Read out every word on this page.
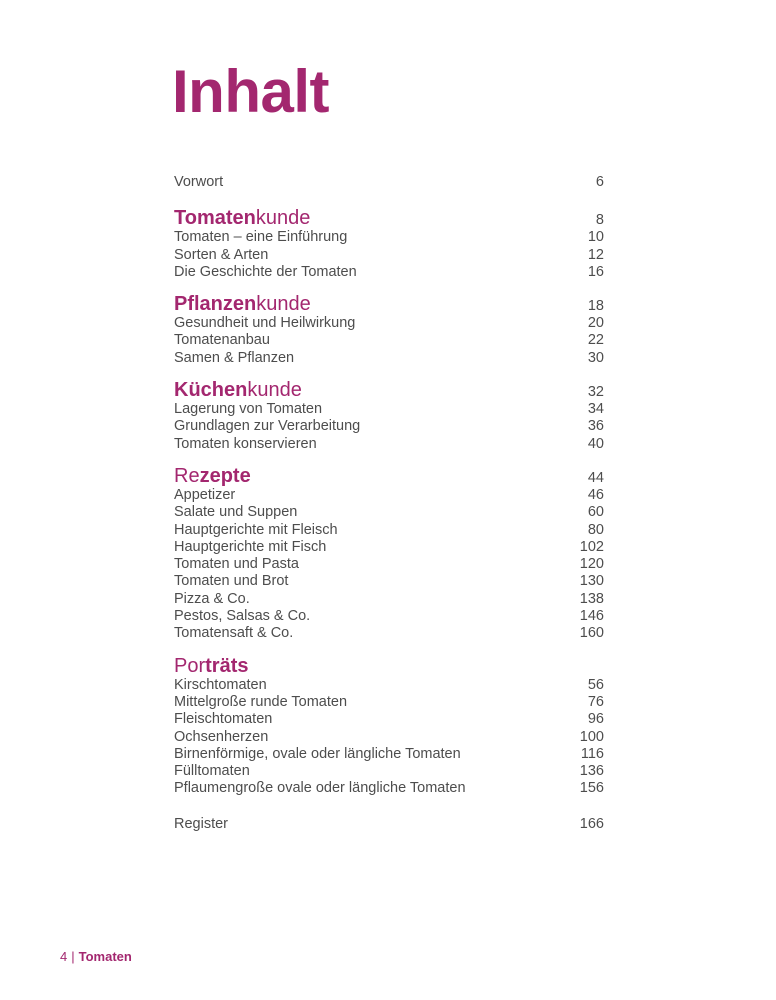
Inhalt
Vorwort	6
Tomatenkunde	8
Tomaten – eine Einführung	10
Sorten & Arten	12
Die Geschichte der Tomaten	16
Pflanzenkunde	18
Gesundheit und Heilwirkung	20
Tomatenanbau	22
Samen & Pflanzen	30
Küchenkunde	32
Lagerung von Tomaten	34
Grundlagen zur Verarbeitung	36
Tomaten konservieren	40
Rezepte	44
Appetizer	46
Salate und Suppen	60
Hauptgerichte mit Fleisch	80
Hauptgerichte mit Fisch	102
Tomaten und Pasta	120
Tomaten und Brot	130
Pizza & Co.	138
Pestos, Salsas & Co.	146
Tomatensaft & Co.	160
Porträts
Kirschtomaten	56
Mittelgroße runde Tomaten	76
Fleischtomaten	96
Ochsenherzen	100
Birnenförmige, ovale oder längliche Tomaten	116
Fülltomaten	136
Pflaumengroße ovale oder längliche Tomaten	156
Register	166
4 | Tomaten
